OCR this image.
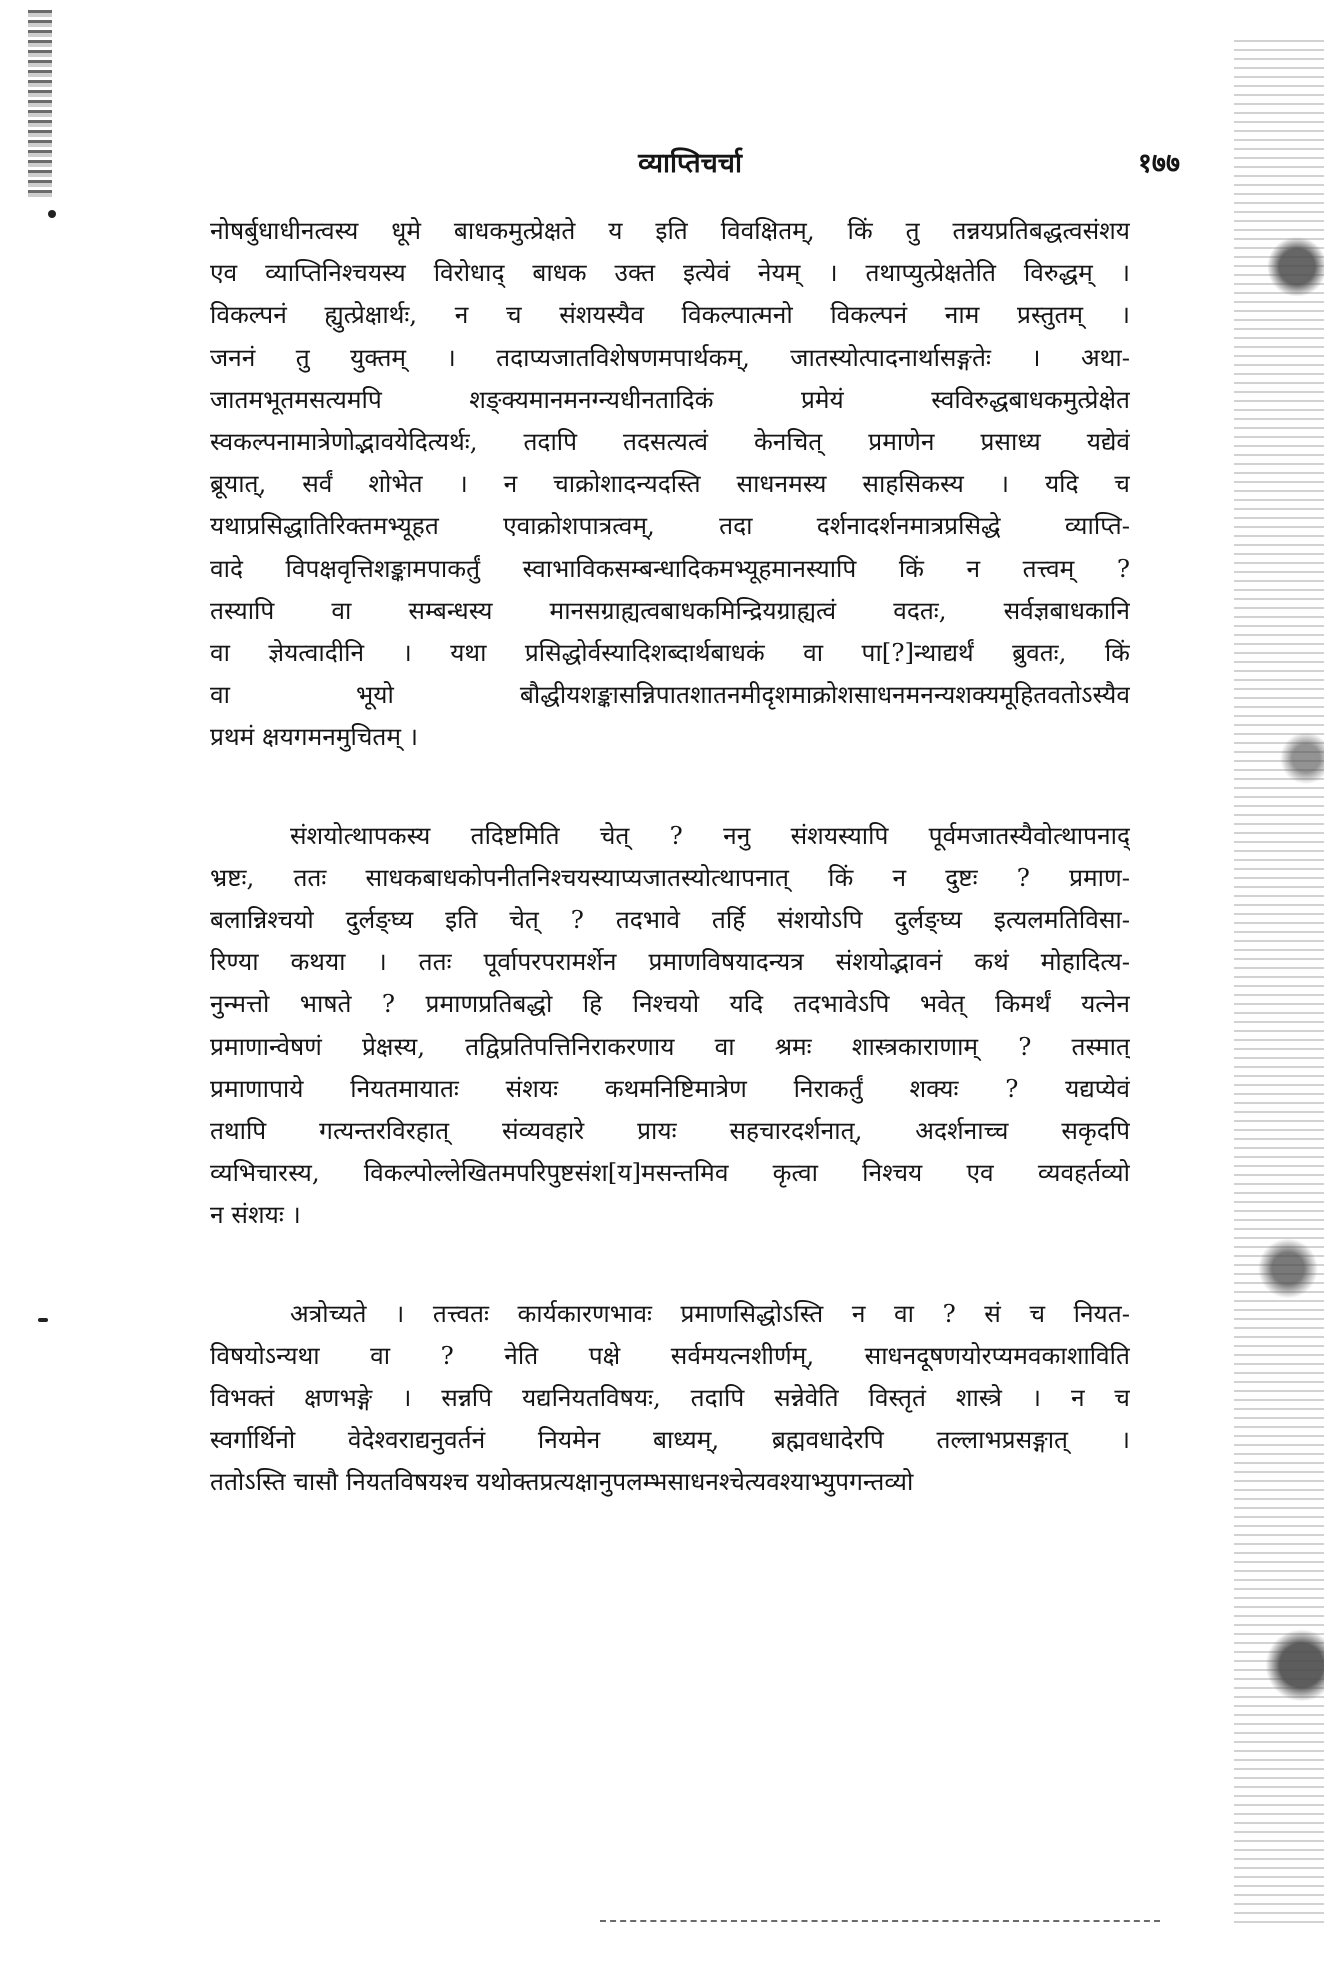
व्याप्तिचर्चा	१७७

नोषर्बुधाधीनत्वस्य धूमे बाधकमुत्प्रेक्षते य इति विवक्षितम्, किं तु तन्नयप्रतिबद्धत्वसंशय
एव व्याप्तिनिश्चयस्य विरोधाद् बाधक उक्त इत्येवं नेयम् । तथाप्युत्प्रेक्षतेति विरुद्धम् ।
विकल्पनं ह्युत्प्रेक्षार्थः, न च संशयस्यैव विकल्पात्मनो विकल्पनं नाम प्रस्तुतम् ।
जननं तु युक्तम् । तदाप्यजातविशेषणमपार्थकम्, जातस्योत्पादनार्थासङ्गतेः । अथा-
जातमभूतमसत्यमपि शङ्क्यमानमनग्न्यधीनतादिकं प्रमेयं स्वविरुद्धबाधकमुत्प्रेक्षेत
स्वकल्पनामात्रेणोद्भावयेदित्यर्थः, तदापि तदसत्यत्वं केनचित् प्रमाणेन प्रसाध्य यद्येवं
ब्रूयात्, सर्वं शोभेत । न चाक्रोशादन्यदस्ति साधनमस्य साहसिकस्य । यदि च
यथाप्रसिद्धातिरिक्तमभ्यूहत एवाक्रोशपात्रत्वम्, तदा दर्शनादर्शनमात्रप्रसिद्धे व्याप्ति-
वादे विपक्षवृत्तिशङ्कामपाकर्तुं स्वाभाविकसम्बन्धादिकमभ्यूहमानस्यापि किं न तत्त्वम् ?
तस्यापि वा सम्बन्धस्य मानसग्राह्यत्वबाधकमिन्द्रियग्राह्यत्वं वदतः, सर्वज्ञबाधकानि
वा ज्ञेयत्वादीनि । यथा प्रसिद्धोर्वस्यादिशब्दार्थबाधकं वा पा[?]न्थाद्यर्थं ब्रुवतः, किं
वा भूयो बौद्धीयशङ्कासन्निपातशातनमीदृशमाक्रोशसाधनमनन्यशक्यमूहितवतोऽस्यैव
प्रथमं क्षयगमनमुचितम् ।

संशयोत्थापकस्य तदिष्टमिति चेत् ? ननु संशयस्यापि पूर्वमजातस्यैवोत्थापनाद्
भ्रष्टः, ततः साधकबाधकोपनीतनिश्चयस्याप्यजातस्योत्थापनात् किं न दुष्टः ? प्रमाण-
बलान्निश्चयो दुर्लङ्घ्य इति चेत् ? तदभावे तर्हि संशयोऽपि दुर्लङ्घ्य इत्यलमतिविसा-
रिण्या कथया । ततः पूर्वापरपरामर्शेन प्रमाणविषयादन्यत्र संशयोद्भावनं कथं मोहादित्य-
नुन्मत्तो भाषते ? प्रमाणप्रतिबद्धो हि निश्चयो यदि तदभावेऽपि भवेत् किमर्थं यत्नेन
प्रमाणान्वेषणं प्रेक्षस्य, तद्विप्रतिपत्तिनिराकरणाय वा श्रमः शास्त्रकाराणाम् ? तस्मात्
प्रमाणापाये नियतमायातः संशयः कथमनिष्टिमात्रेण निराकर्तुं शक्यः ? यद्यप्येवं
तथापि गत्यन्तरविरहात् संव्यवहारे प्रायः सहचारदर्शनात्, अदर्शनाच्च सकृदपि
व्यभिचारस्य, विकल्पोल्लेखितमपरिपुष्टसंश[य]मसन्तमिव कृत्वा निश्चय एव व्यवहर्तव्यो
न संशयः ।

अत्रोच्यते । तत्त्वतः कार्यकारणभावः प्रमाणसिद्धोऽस्ति न वा ? सं च नियत-
विषयोऽन्यथा वा ? नेति पक्षे सर्वमयत्नशीर्णम्, साधनदूषणयोरप्यमवकाशाविति
विभक्तं क्षणभङ्गे । सन्नपि यद्यनियतविषयः, तदापि सन्नेवेति विस्तृतं शास्त्रे । न च
स्वर्गार्थिनो वेदेश्वराद्यनुवर्तनं नियमेन बाध्यम्, ब्रह्मवधादेरपि तल्लाभप्रसङ्गात् ।
ततोऽस्ति चासौ नियतविषयश्च यथोक्तप्रत्यक्षानुपलम्भसाधनश्चेत्यवश्याभ्युपगन्तव्यो
